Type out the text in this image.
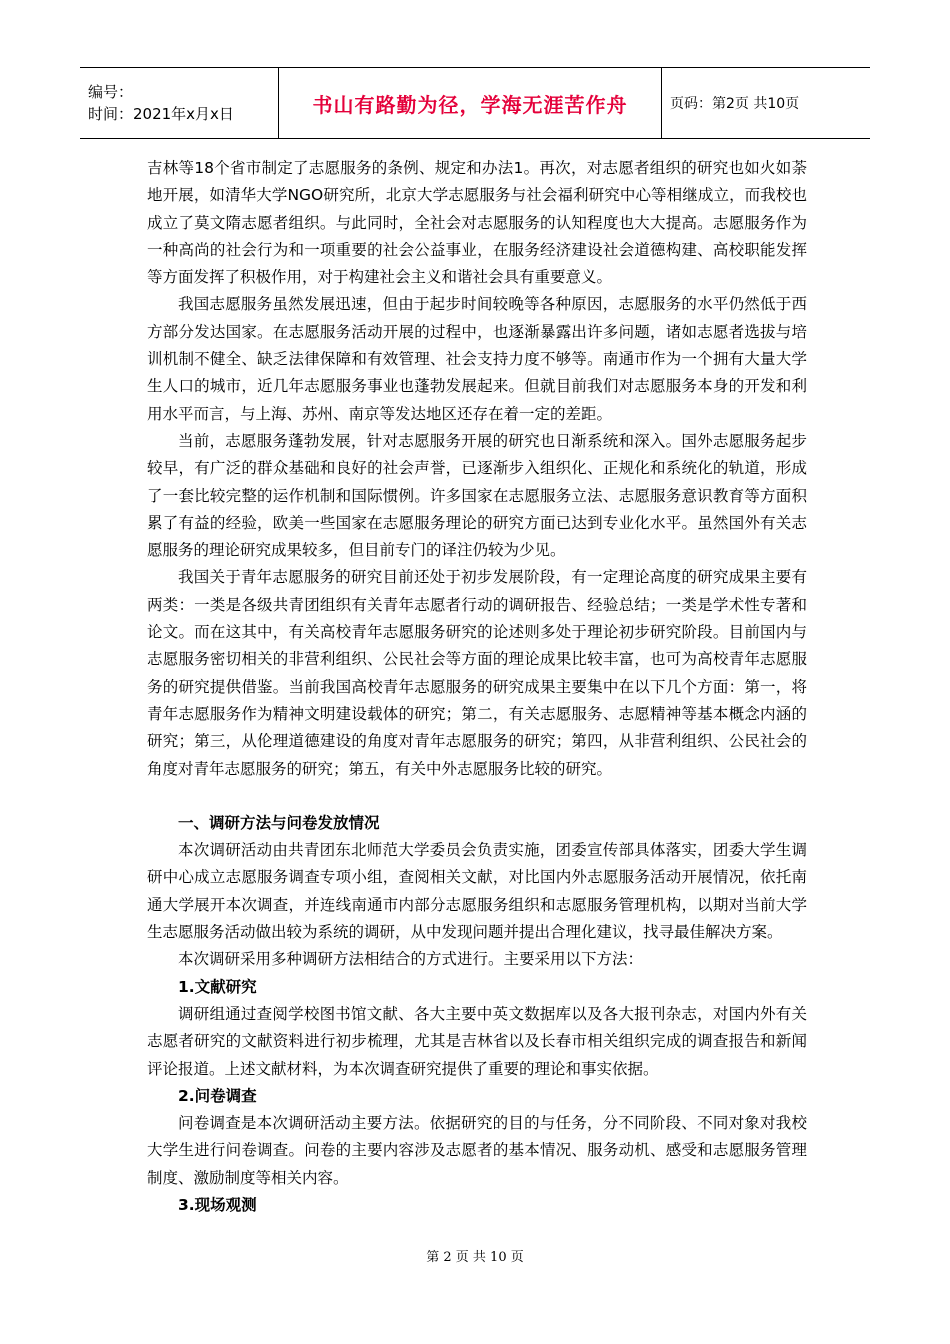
编号：
时间：2021年x月x日	书山有路勤为径，学海无涯苦作舟	页码：第2页 共10页

吉林等18个省市制定了志愿服务的条例、规定和办法1。再次，对志愿者组织的研究也如火如荼地开展，如清华大学NGO研究所，北京大学志愿服务与社会福利研究中心等相继成立，而我校也成立了莫文隋志愿者组织。与此同时，全社会对志愿服务的认知程度也大大提高。志愿服务作为一种高尚的社会行为和一项重要的社会公益事业，在服务经济建设社会道德构建、高校职能发挥等方面发挥了积极作用，对于构建社会主义和谐社会具有重要意义。

我国志愿服务虽然发展迅速，但由于起步时间较晚等各种原因，志愿服务的水平仍然低于西方部分发达国家。在志愿服务活动开展的过程中，也逐渐暴露出许多问题，诸如志愿者选拔与培训机制不健全、缺乏法律保障和有效管理、社会支持力度不够等。南通市作为一个拥有大量大学生人口的城市，近几年志愿服务事业也蓬勃发展起来。但就目前我们对志愿服务本身的开发和利用水平而言，与上海、苏州、南京等发达地区还存在着一定的差距。

当前，志愿服务蓬勃发展，针对志愿服务开展的研究也日渐系统和深入。国外志愿服务起步较早，有广泛的群众基础和良好的社会声誉，已逐渐步入组织化、正规化和系统化的轨道，形成了一套比较完整的运作机制和国际惯例。许多国家在志愿服务立法、志愿服务意识教育等方面积累了有益的经验，欧美一些国家在志愿服务理论的研究方面已达到专业化水平。虽然国外有关志愿服务的理论研究成果较多，但目前专门的译注仍较为少见。

我国关于青年志愿服务的研究目前还处于初步发展阶段，有一定理论高度的研究成果主要有两类：一类是各级共青团组织有关青年志愿者行动的调研报告、经验总结；一类是学术性专著和论文。而在这其中，有关高校青年志愿服务研究的论述则多处于理论初步研究阶段。目前国内与志愿服务密切相关的非营利组织、公民社会等方面的理论成果比较丰富，也可为高校青年志愿服务的研究提供借鉴。当前我国高校青年志愿服务的研究成果主要集中在以下几个方面：第一，将青年志愿服务作为精神文明建设载体的研究；第二，有关志愿服务、志愿精神等基本概念内涵的研究；第三，从伦理道德建设的角度对青年志愿服务的研究；第四，从非营利组织、公民社会的角度对青年志愿服务的研究；第五，有关中外志愿服务比较的研究。

一、调研方法与问卷发放情况

本次调研活动由共青团东北师范大学委员会负责实施，团委宣传部具体落实，团委大学生调研中心成立志愿服务调查专项小组，查阅相关文献，对比国内外志愿服务活动开展情况，依托南通大学展开本次调查，并连线南通市内部分志愿服务组织和志愿服务管理机构，以期对当前大学生志愿服务活动做出较为系统的调研，从中发现问题并提出合理化建议，找寻最佳解决方案。

本次调研采用多种调研方法相结合的方式进行。主要采用以下方法：

1.文献研究

调研组通过查阅学校图书馆文献、各大主要中英文数据库以及各大报刊杂志，对国内外有关志愿者研究的文献资料进行初步梳理，尤其是吉林省以及长春市相关组织完成的调查报告和新闻评论报道。上述文献材料，为本次调查研究提供了重要的理论和事实依据。

2.问卷调查

问卷调查是本次调研活动主要方法。依据研究的目的与任务，分不同阶段、不同对象对我校大学生进行问卷调查。问卷的主要内容涉及志愿者的基本情况、服务动机、感受和志愿服务管理制度、激励制度等相关内容。

3.现场观测
第 2 页 共 10 页
